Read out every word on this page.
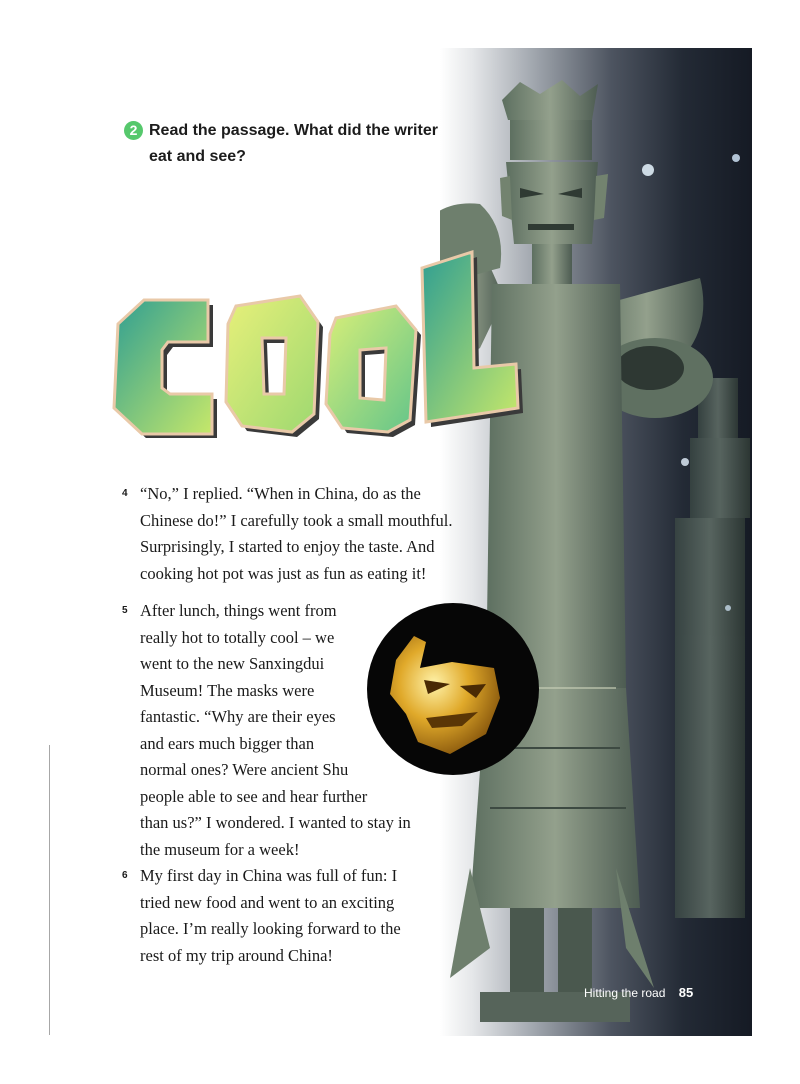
2 Read the passage. What did the writer eat and see?
4 “No,” I replied. “When in China, do as the
Chinese do!” I carefully took a small mouthful.
Surprisingly, I started to enjoy the taste. And
cooking hot pot was just as fun as eating it!
5 After lunch, things went from
really hot to totally cool – we
went to the new Sanxingdui
Museum! The masks were
fantastic. “Why are their eyes
and ears much bigger than
normal ones? Were ancient Shu
people able to see and hear further
than us?” I wondered. I wanted to stay in
the museum for a week!
6 My first day in China was full of fun: I
tried new food and went to an exciting
place. I’m really looking forward to the
rest of my trip around China!
Hitting the road 85
